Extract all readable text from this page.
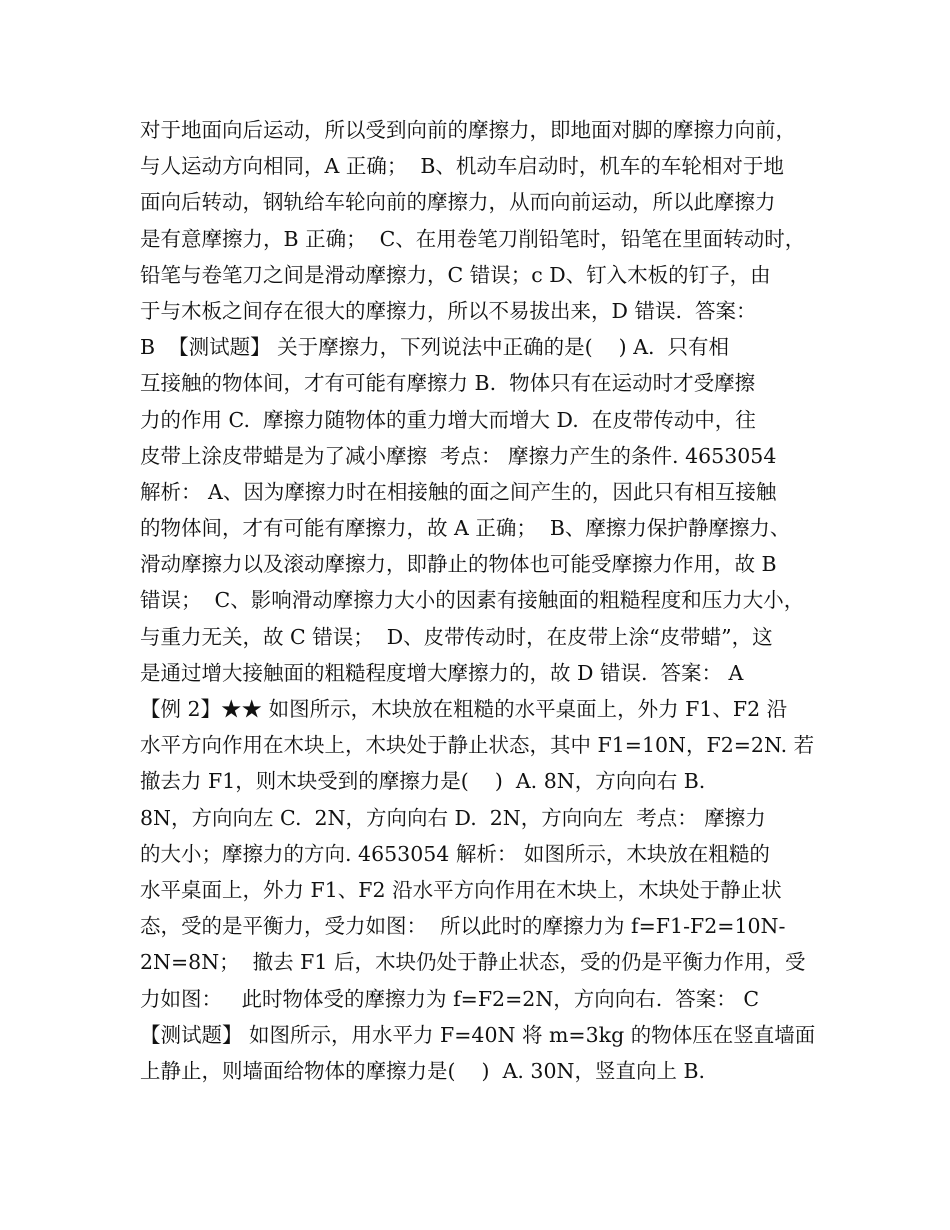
对于地面向后运动，所以受到向前的摩擦力，即地面对脚的摩擦力向前，
与人运动方向相同，A 正确；  B、机动车启动时，机车的车轮相对于地
面向后转动，钢轨给车轮向前的摩擦力，从而向前运动，所以此摩擦力
是有意摩擦力，B 正确；  C、在用卷笔刀削铅笔时，铅笔在里面转动时，
铅笔与卷笔刀之间是滑动摩擦力，C 错误；c D、钉入木板的钉子，由
于与木板之间存在很大的摩擦力，所以不易拔出来，D 错误.  答案：
B  【测试题】 关于摩擦力，下列说法中正确的是(    ) A.  只有相
互接触的物体间，才有可能有摩擦力 B.  物体只有在运动时才受摩擦
力的作用 C.  摩擦力随物体的重力增大而增大 D.  在皮带传动中，往
皮带上涂皮带蜡是为了减小摩擦  考点： 摩擦力产生的条件. 4653054
解析： A、因为摩擦力时在相接触的面之间产生的，因此只有相互接触
的物体间，才有可能有摩擦力，故 A 正确；  B、摩擦力保护静摩擦力、
滑动摩擦力以及滚动摩擦力，即静止的物体也可能受摩擦力作用，故 B
错误；  C、影响滑动摩擦力大小的因素有接触面的粗糙程度和压力大小，
与重力无关，故 C 错误；  D、皮带传动时，在皮带上涂“皮带蜡”，这
是通过增大接触面的粗糙程度增大摩擦力的，故 D 错误.  答案： A
【例 2】★★ 如图所示，木块放在粗糙的水平桌面上，外力 F1、F2 沿
水平方向作用在木块上，木块处于静止状态，其中 F1=10N，F2=2N. 若
撤去力 F1，则木块受到的摩擦力是(    )  A. 8N，方向向右 B.
8N，方向向左 C.  2N，方向向右 D.  2N，方向向左  考点： 摩擦力
的大小；摩擦力的方向. 4653054 解析： 如图所示，木块放在粗糙的
水平桌面上，外力 F1、F2 沿水平方向作用在木块上，木块处于静止状
态，受的是平衡力，受力如图：  所以此时的摩擦力为 f=F1-F2=10N-
2N=8N；  撤去 F1 后，木块仍处于静止状态，受的仍是平衡力作用，受
力如图：   此时物体受的摩擦力为 f=F2=2N，方向向右.  答案： C
【测试题】 如图所示，用水平力 F=40N 将 m=3kg 的物体压在竖直墙面
上静止，则墙面给物体的摩擦力是(    )  A. 30N，竖直向上 B.
